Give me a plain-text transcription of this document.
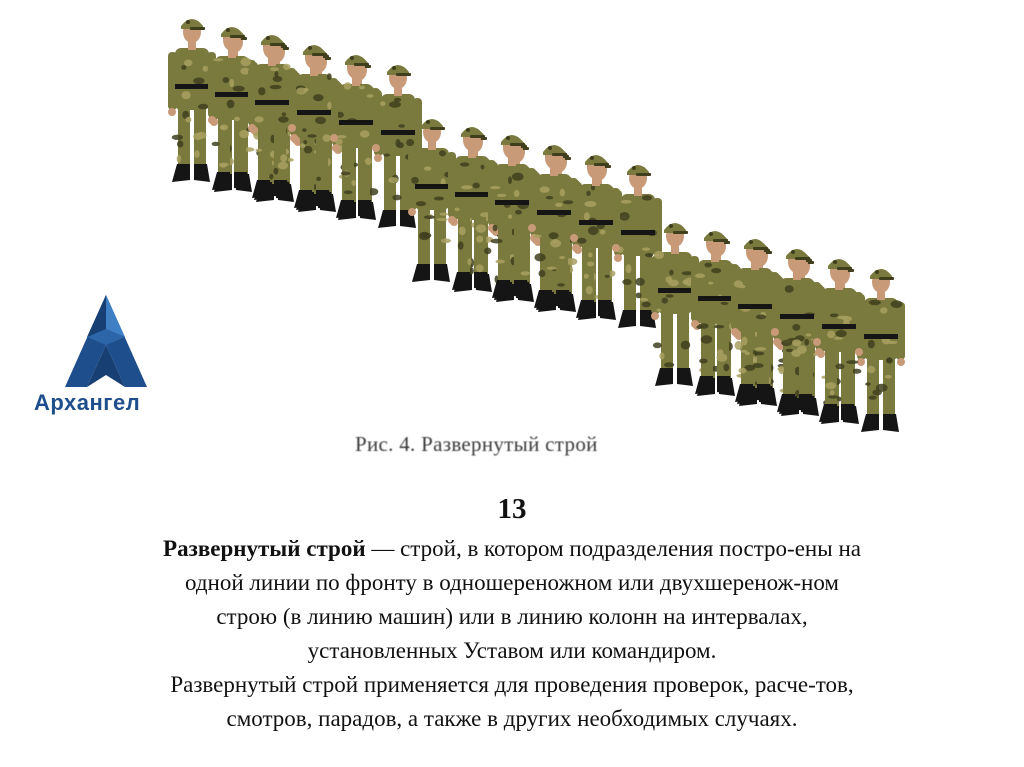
Рис. 4. Развернутый строй
Архангел
13
Развернутый строй — строй, в котором подразделения постро-ены на
одной линии по фронту в одношереножном или двухшеренож-ном
строю (в линию машин) или в линию колонн на интервалах,
установленных Уставом или командиром.
Развернутый строй применяется для проведения проверок, расче-тов,
смотров, парадов, а также в других необходимых случаях.
